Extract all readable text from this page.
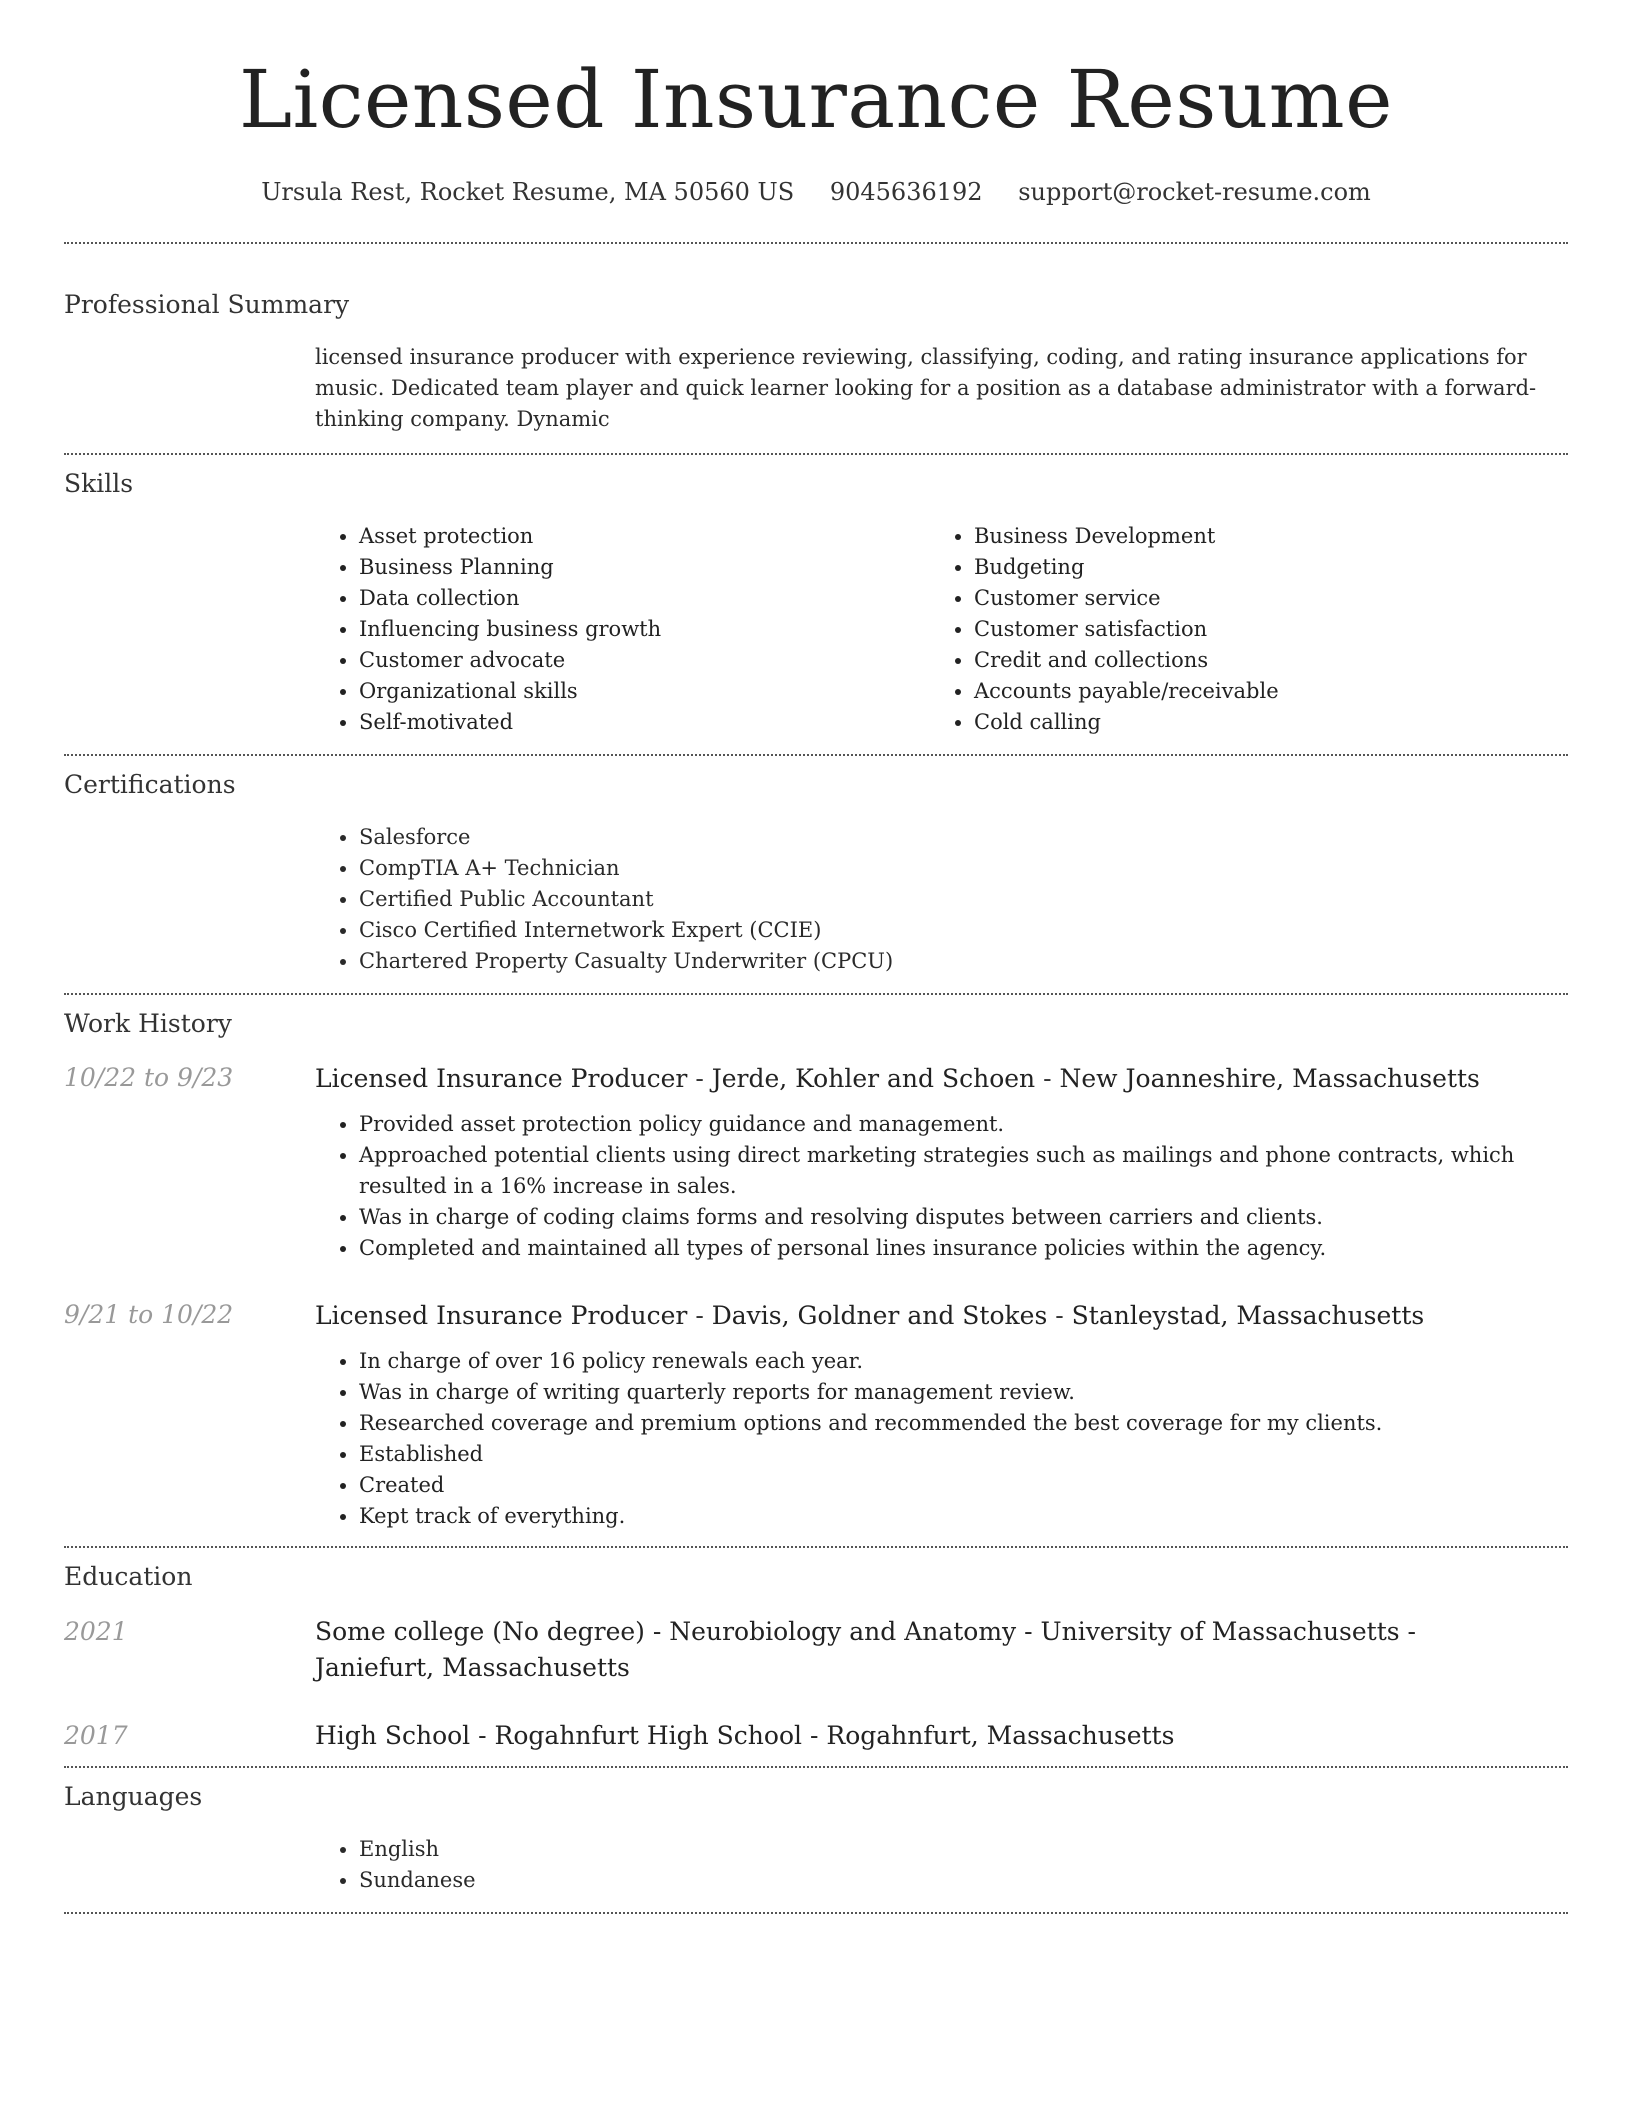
Licensed Insurance Resume
Ursula Rest, Rocket Resume, MA 50560 US 9045636192 support@rocket-resume.com
Professional Summary
licensed insurance producer with experience reviewing, classifying, coding, and rating insurance applications for music. Dedicated team player and quick learner looking for a position as a database administrator with a forward-thinking company. Dynamic
Skills
• Asset protection
• Business Planning
• Data collection
• Influencing business growth
• Customer advocate
• Organizational skills
• Self-motivated
• Business Development
• Budgeting
• Customer service
• Customer satisfaction
• Credit and collections
• Accounts payable/receivable
• Cold calling
Certifications
• Salesforce
• CompTIA A+ Technician
• Certified Public Accountant
• Cisco Certified Internetwork Expert (CCIE)
• Chartered Property Casualty Underwriter (CPCU)
Work History
10/22 to 9/23	Licensed Insurance Producer - Jerde, Kohler and Schoen - New Joanneshire, Massachusetts
• Provided asset protection policy guidance and management.
• Approached potential clients using direct marketing strategies such as mailings and phone contracts, which resulted in a 16% increase in sales.
• Was in charge of coding claims forms and resolving disputes between carriers and clients.
• Completed and maintained all types of personal lines insurance policies within the agency.
9/21 to 10/22	Licensed Insurance Producer - Davis, Goldner and Stokes - Stanleystad, Massachusetts
• In charge of over 16 policy renewals each year.
• Was in charge of writing quarterly reports for management review.
• Researched coverage and premium options and recommended the best coverage for my clients.
• Established
• Created
• Kept track of everything.
Education
2021	Some college (No degree) - Neurobiology and Anatomy - University of Massachusetts - Janiefurt, Massachusetts
2017	High School - Rogahnfurt High School - Rogahnfurt, Massachusetts
Languages
• English
• Sundanese
